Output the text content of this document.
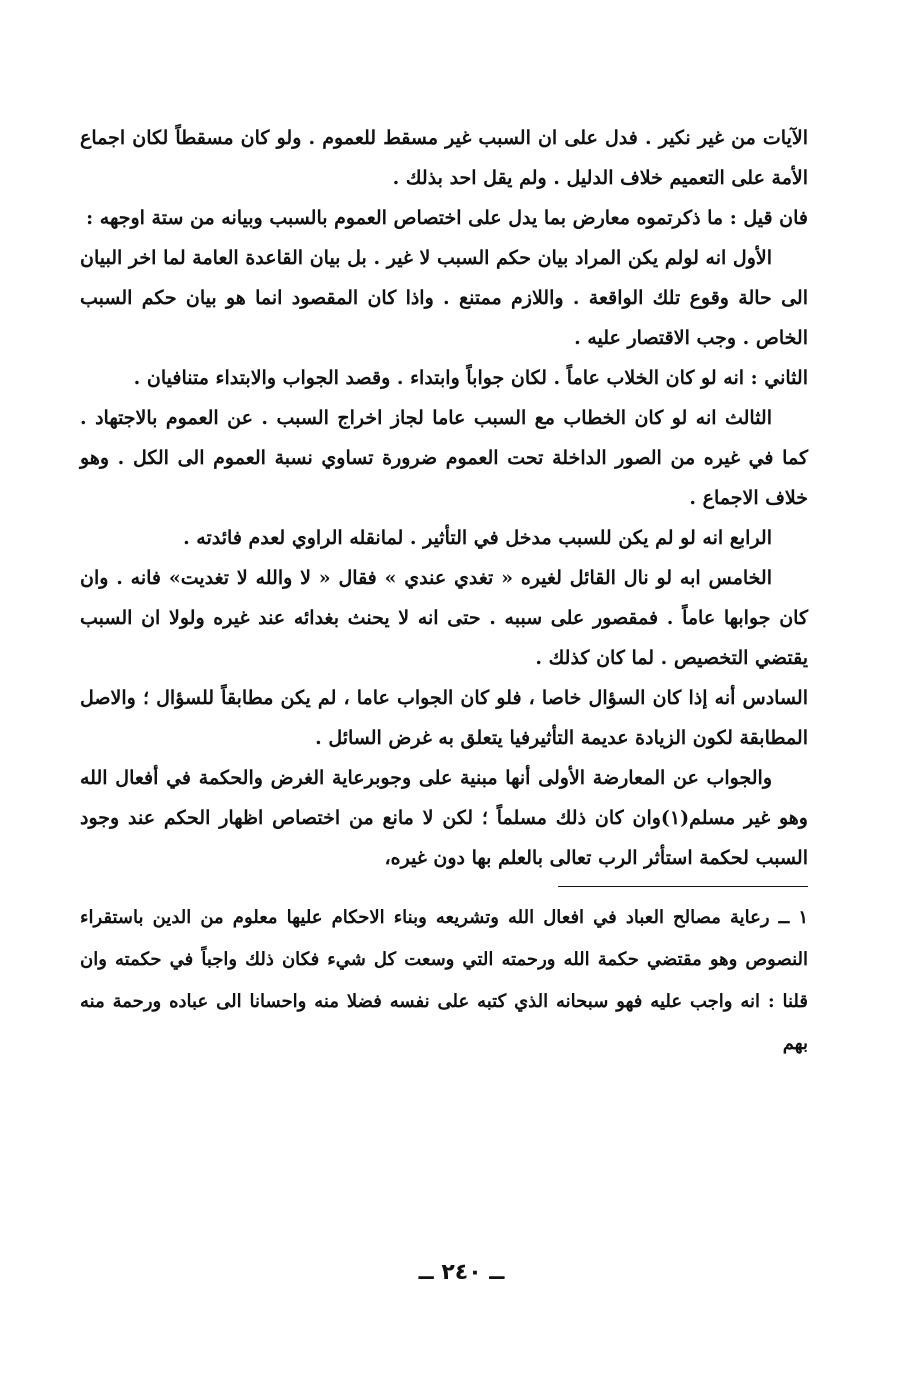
الآيات من غير نكير . فدل على ان السبب غير مسقط للعموم . ولو كان مسقطاً لكان اجماع الأمة على التعميم خلاف الدليل . ولم يقل احد بذلك .

فان قيل : ما ذكرتموه معارض بما يدل على اختصاص العموم بالسبب وبيانه من ستة اوجهه :

الأول انه لولم يكن المراد بيان حكم السبب لا غير . بل بيان القاعدة العامة لما اخر البيان الى حالة وقوع تلك الواقعة . واللازم ممتنع . واذا كان المقصود انما هو بيان حكم السبب الخاص . وجب الاقتصار عليه .

الثاني : انه لو كان الخلاب عاماً . لكان جواباً وابتداء . وقصد الجواب والابتداء متنافيان .

الثالث انه لو كان الخطاب مع السبب عاما لجاز اخراج السبب . عن العموم بالاجتهاد . كما في غيره من الصور الداخلة تحت العموم ضرورة تساوي نسبة العموم الى الكل . وهو خلاف الاجماع .

الرابع انه لو لم يكن للسبب مدخل في التأثير . لمانقله الراوي لعدم فائدته .

الخامس ابه لو نال القائل لغيره « تغدي عندي » فقال « لا والله لا تغديت» فانه . وان كان جوابها عاماً . فمقصور على سببه . حتى انه لا يحنث بغدائه عند غيره ولولا ان السبب يقتضي التخصيص . لما كان كذلك .

السادس أنه إذا كان السؤال خاصا ، فلو كان الجواب عاما ، لم يكن مطابقاً للسؤال ؛ والاصل المطابقة لكون الزيادة عديمة التأثيرفيا يتعلق به غرض السائل .

والجواب عن المعارضة الأولى أنها مبنية على وجوبرعاية الغرض والحكمة في أفعال الله وهو غير مسلم(١)وان كان ذلك مسلماً ؛ لكن لا مانع من اختصاص اظهار الحكم عند وجود السبب لحكمة استأثر الرب تعالى بالعلم بها دون غيره،

١ ــ رعاية مصالح العباد في افعال الله وتشريعه وبناء الاحكام عليها معلوم من الدين باستقراء النصوص وهو مقتضي حكمة الله ورحمته التي وسعت كل شيء فكان ذلك واجباً في حكمته وان قلنا : انه واجب عليه فهو سبحانه الذي كتبه على نفسه فضلا منه واحسانا الى عباده ورحمة منه بهم

ــ ٢٤٠ ــ
